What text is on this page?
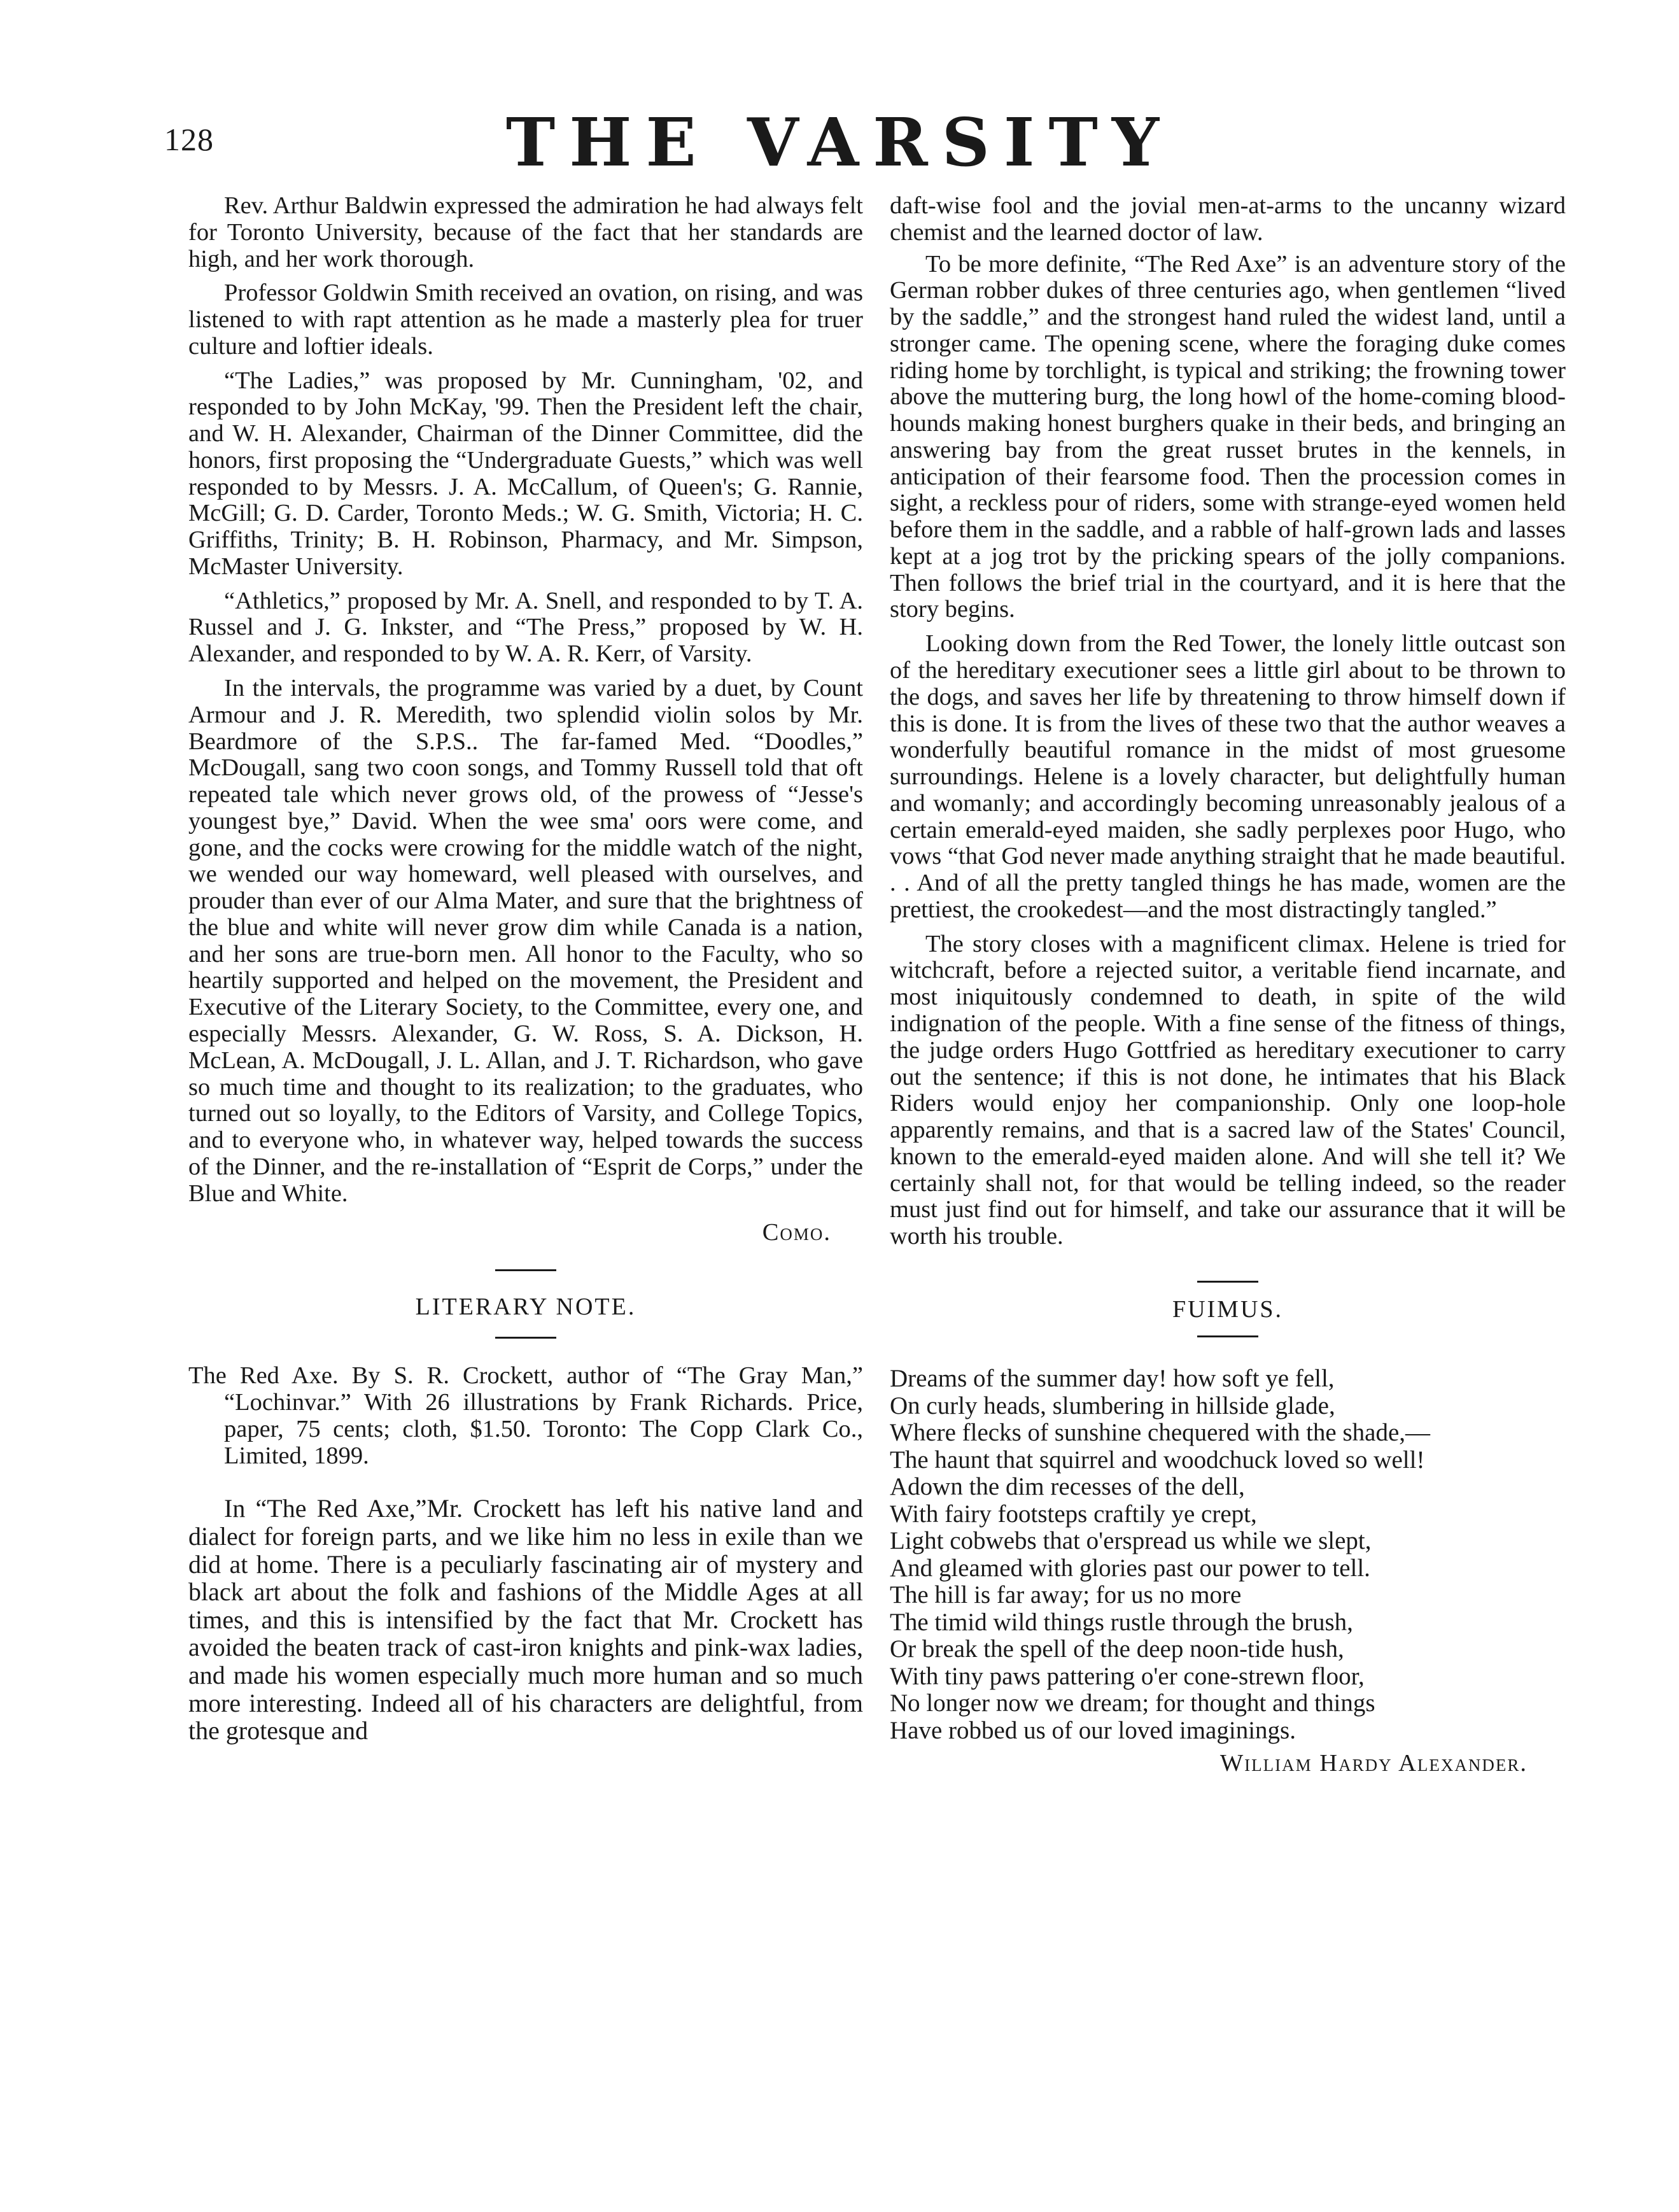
128	THE VARSITY

Rev. Arthur Baldwin expressed the admiration he had always felt for Toronto University, because of the fact that her standards are high, and her work thorough.

Professor Goldwin Smith received an ovation, on rising, and was listened to with rapt attention as he made a masterly plea for truer culture and loftier ideals.

“The Ladies,” was proposed by Mr. Cunningham, '02, and responded to by John McKay, '99. Then the President left the chair, and W. H. Alexander, Chairman of the Dinner Committee, did the honors, first proposing the “Undergraduate Guests,” which was well responded to by Messrs. J. A. McCallum, of Queen's; G. Rannie, McGill; G. D. Carder, Toronto Meds.; W. G. Smith, Victoria; H. C. Griffiths, Trinity; B. H. Robinson, Pharmacy, and Mr. Simpson, McMaster University.

“Athletics,” proposed by Mr. A. Snell, and responded to by T. A. Russel and J. G. Inkster, and “The Press,” proposed by W. H. Alexander, and responded to by W. A. R. Kerr, of Varsity.

In the intervals, the programme was varied by a duet, by Count Armour and J. R. Meredith, two splendid violin solos by Mr. Beardmore of the S.P.S.. The far-famed Med. “Doodles,” McDougall, sang two coon songs, and Tommy Russell told that oft repeated tale which never grows old, of the prowess of “Jesse's youngest bye,” David. When the wee sma' oors were come, and gone, and the cocks were crowing for the middle watch of the night, we wended our way homeward, well pleased with ourselves, and prouder than ever of our Alma Mater, and sure that the brightness of the blue and white will never grow dim while Canada is a nation, and her sons are true-born men. All honor to the Faculty, who so heartily supported and helped on the movement, the President and Executive of the Literary Society, to the Committee, every one, and especially Messrs. Alexander, G. W. Ross, S. A. Dickson, H. McLean, A. McDougall, J. L. Allan, and J. T. Richardson, who gave so much time and thought to its realization; to the graduates, who turned out so loyally, to the Editors of Varsity, and College Topics, and to everyone who, in whatever way, helped towards the success of the Dinner, and the re-installation of “Esprit de Corps,” under the Blue and White.

Como.
LITERARY NOTE.

The Red Axe. By S. R. Crockett, author of “The Gray Man,” “Lochinvar.” With 26 illustrations by Frank Richards. Price, paper, 75 cents; cloth, $1.50. Toronto: The Copp Clark Co., Limited, 1899.

In “The Red Axe,”Mr. Crockett has left his native land and dialect for foreign parts, and we like him no less in exile than we did at home. There is a peculiarly fascinating air of mystery and black art about the folk and fashions of the Middle Ages at all times, and this is intensified by the fact that Mr. Crockett has avoided the beaten track of cast-iron knights and pink-wax ladies, and made his women especially much more human and so much more interesting. Indeed all of his characters are delightful, from the grotesque and

daft-wise fool and the jovial men-at-arms to the uncanny wizard chemist and the learned doctor of law.

To be more definite, “The Red Axe” is an adventure story of the German robber dukes of three centuries ago, when gentlemen “lived by the saddle,” and the strongest hand ruled the widest land, until a stronger came. The opening scene, where the foraging duke comes riding home by torchlight, is typical and striking; the frowning tower above the muttering burg, the long howl of the home-coming blood-hounds making honest burghers quake in their beds, and bringing an answering bay from the great russet brutes in the kennels, in anticipation of their fearsome food. Then the procession comes in sight, a reckless pour of riders, some with strange-eyed women held before them in the saddle, and a rabble of half-grown lads and lasses kept at a jog trot by the pricking spears of the jolly companions. Then follows the brief trial in the courtyard, and it is here that the story begins.

Looking down from the Red Tower, the lonely little outcast son of the hereditary executioner sees a little girl about to be thrown to the dogs, and saves her life by threatening to throw himself down if this is done. It is from the lives of these two that the author weaves a wonderfully beautiful romance in the midst of most gruesome surroundings. Helene is a lovely character, but delightfully human and womanly; and accordingly becoming unreasonably jealous of a certain emerald-eyed maiden, she sadly perplexes poor Hugo, who vows “that God never made anything straight that he made beautiful. . . And of all the pretty tangled things he has made, women are the prettiest, the crookedest—and the most distractingly tangled.”

The story closes with a magnificent climax. Helene is tried for witchcraft, before a rejected suitor, a veritable fiend incarnate, and most iniquitously condemned to death, in spite of the wild indignation of the people. With a fine sense of the fitness of things, the judge orders Hugo Gottfried as hereditary executioner to carry out the sentence; if this is not done, he intimates that his Black Riders would enjoy her companionship. Only one loop-hole apparently remains, and that is a sacred law of the States' Council, known to the emerald-eyed maiden alone. And will she tell it? We certainly shall not, for that would be telling indeed, so the reader must just find out for himself, and take our assurance that it will be worth his trouble.

FUIMUS.
Dreams of the summer day! how soft ye fell,
On curly heads, slumbering in hillside glade,
Where flecks of sunshine chequered with the shade,—
The haunt that squirrel and woodchuck loved so well!
Adown the dim recesses of the dell,
With fairy footsteps craftily ye crept,
Light cobwebs that o'erspread us while we slept,
And gleamed with glories past our power to tell.
The hill is far away; for us no more
The timid wild things rustle through the brush,
Or break the spell of the deep noon-tide hush,
With tiny paws pattering o'er cone-strewn floor,
No longer now we dream; for thought and things
Have robbed us of our loved imaginings.
William Hardy Alexander.
